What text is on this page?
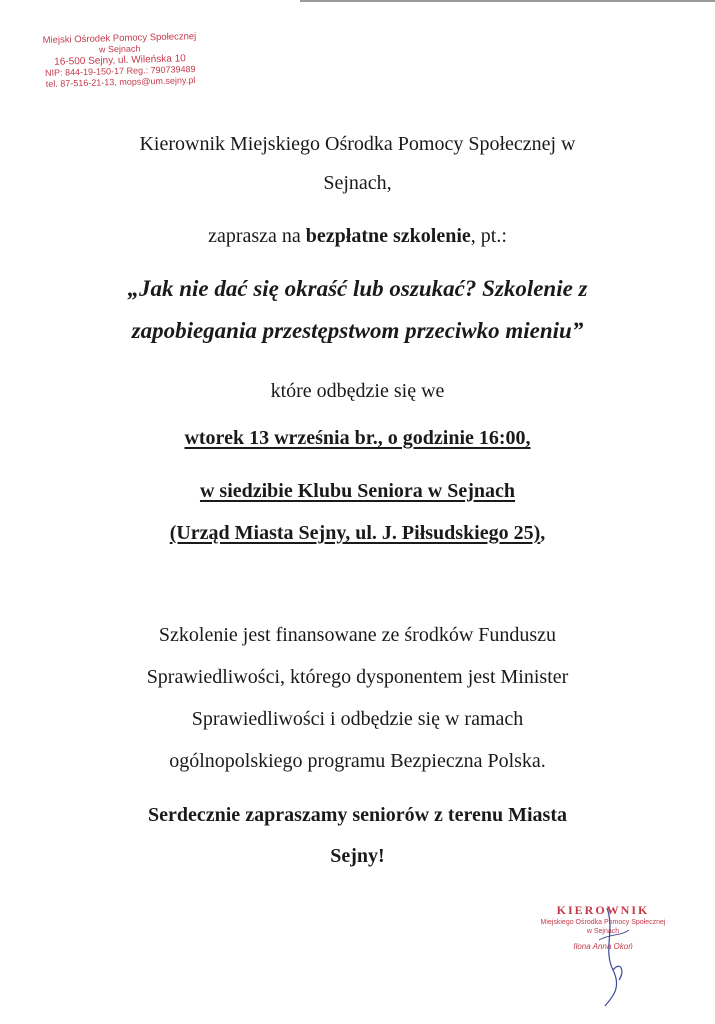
Miejski Ośrodek Pomocy Społecznej
w Sejnach
16-500 Sejny, ul. Wileńska 10
NIP: 844-19-150-17 Reg.: 790739489
tel. 87-516-21-13, mops@um.sejny.pl
Kierownik Miejskiego Ośrodka Pomocy Społecznej w
Sejnach,
zaprasza na bezpłatne szkolenie, pt.:
„Jak nie dać się okraść lub oszukać? Szkolenie z
zapobiegania przestępstwom przeciwko mieniu”
które odbędzie się we
wtorek 13 września br., o godzinie 16:00,
w siedzibie Klubu Seniora w Sejnach
(Urząd Miasta Sejny, ul. J. Piłsudskiego 25),
Szkolenie jest finansowane ze środków Funduszu
Sprawiedliwości, którego dysponentem jest Minister
Sprawiedliwości i odbędzie się w ramach
ogólnopolskiego programu Bezpieczna Polska.
Serdecznie zapraszamy seniorów z terenu Miasta
Sejny!
KIEROWNIK
Miejskiego Ośrodka Pomocy Społecznej
w Sejnach
Ilona Anna Okoń
